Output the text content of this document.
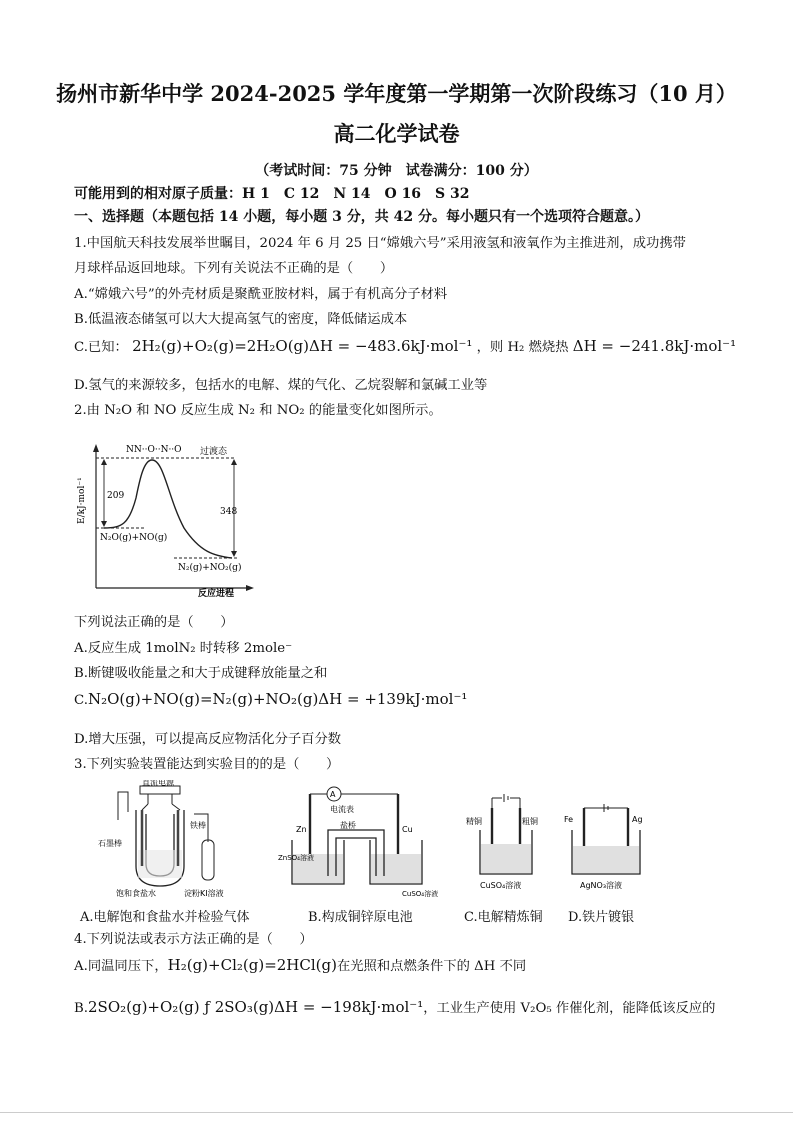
扬州市新华中学 2024-2025 学年度第一学期第一次阶段练习（10 月）
高二化学试卷
（考试时间：75 分钟　试卷满分：100 分）
可能用到的相对原子质量：H 1　C 12　N 14　O 16　S 32
一、选择题（本题包括 14 小题，每小题 3 分，共 42 分。每小题只有一个选项符合题意。）
1.中国航天科技发展举世瞩目，2024 年 6 月 25 日“嫦娥六号”采用液氢和液氧作为主推进剂，成功携带
月球样品返回地球。下列有关说法不正确的是（　　）
A.“嫦娥六号”的外壳材质是聚酰亚胺材料，属于有机高分子材料
B.低温液态储氢可以大大提高氢气的密度，降低储运成本
C.已知： 2H₂(g)+O₂(g)=2H₂O(g)ΔH = −483.6kJ·mol⁻¹ ，则 H₂ 燃烧热 ΔH = −241.8kJ·mol⁻¹
D.氢气的来源较多，包括水的电解、煤的气化、乙烷裂解和氯碱工业等
2.由 N₂O 和 NO 反应生成 N₂ 和 NO₂ 的能量变化如图所示。
E/kJ·mol⁻¹
反应进程
过渡态
NN··O··N··O
209
348
N₂O(g)+NO(g)
N₂(g)+NO₂(g)
下列说法正确的是（　　）
A.反应生成 1molN₂ 时转移 2mole⁻
B.断键吸收能量之和大于成键释放能量之和
C.N₂O(g)+NO(g)=N₂(g)+NO₂(g)ΔH = +139kJ·mol⁻¹
D.增大压强，可以提高反应物活化分子百分数
3.下列实验装置能达到实验目的的是（　　）
直流电源
铁棒
石墨棒
饱和食盐水	淀粉KI溶液
A
电流表
盐桥
Zn	Cu
ZnSO₄溶液
CuSO₄溶液
精铜	粗铜
CuSO₄溶液
Fe	Ag
AgNO₃溶液
A.电解饱和食盐水并检验气体	B.构成铜锌原电池	C.电解精炼铜 D.铁片镀银
4.下列说法或表示方法正确的是（　　）
A.同温同压下，H₂(g)+Cl₂(g)=2HCl(g)在光照和点燃条件下的 ΔH 不同
B.2SO₂(g)+O₂(g) ƒ 2SO₃(g)ΔH = −198kJ·mol⁻¹，工业生产使用 V₂O₅ 作催化剂，能降低该反应的
